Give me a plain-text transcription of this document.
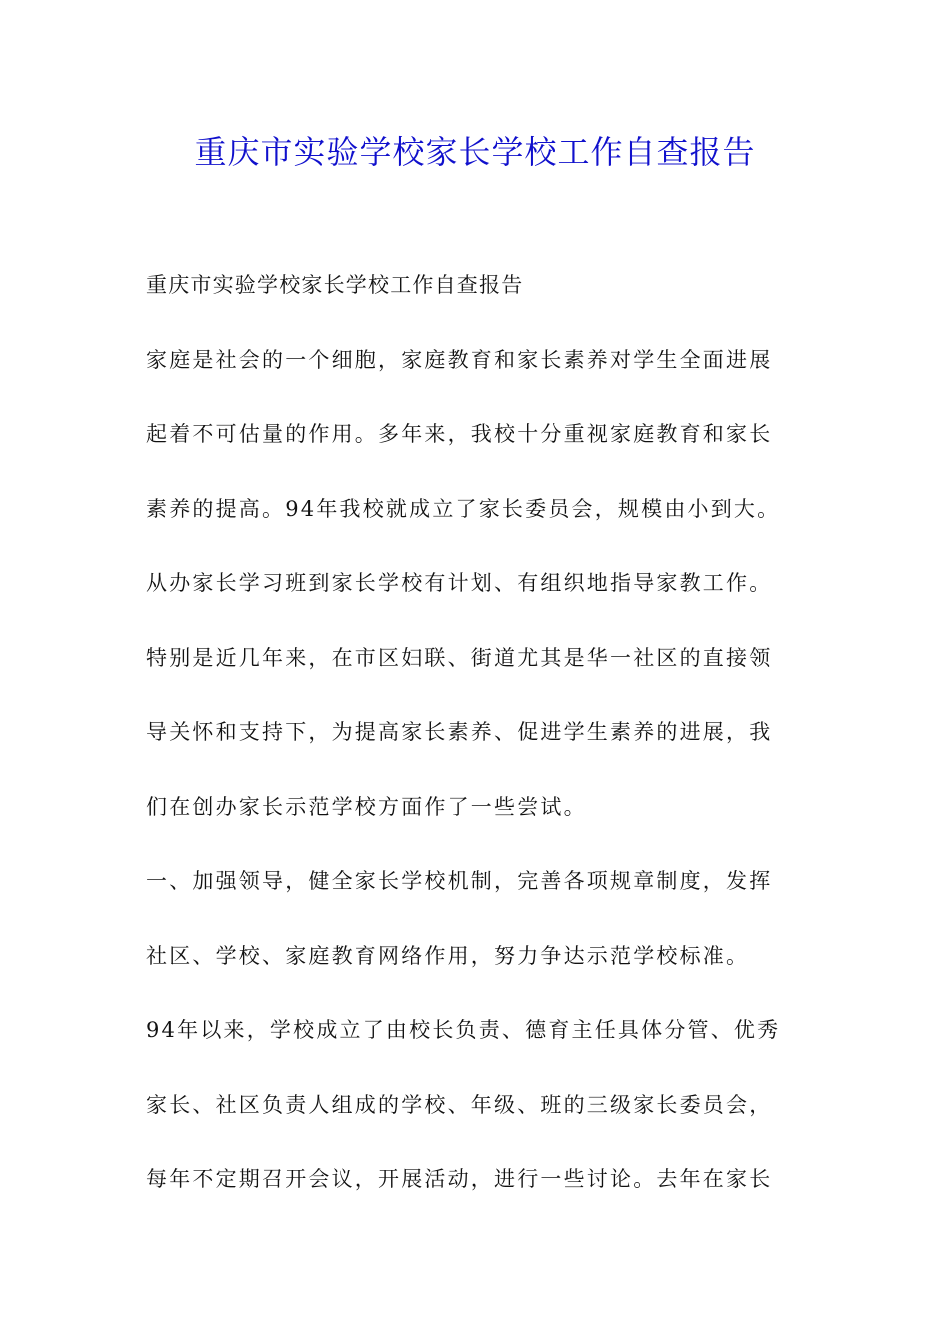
重庆市实验学校家长学校工作自查报告
重庆市实验学校家长学校工作自查报告
家庭是社会的一个细胞，家庭教育和家长素养对学生全面进展
起着不可估量的作用。多年来，我校十分重视家庭教育和家长
素养的提高。94年我校就成立了家长委员会，规模由小到大。
从办家长学习班到家长学校有计划、有组织地指导家教工作。
特别是近几年来，在市区妇联、街道尤其是华一社区的直接领
导关怀和支持下，为提高家长素养、促进学生素养的进展，我
们在创办家长示范学校方面作了一些尝试。
一、加强领导，健全家长学校机制，完善各项规章制度，发挥
社区、学校、家庭教育网络作用，努力争达示范学校标准。
94年以来，学校成立了由校长负责、德育主任具体分管、优秀
家长、社区负责人组成的学校、年级、班的三级家长委员会，
每年不定期召开会议，开展活动，进行一些讨论。去年在家长
